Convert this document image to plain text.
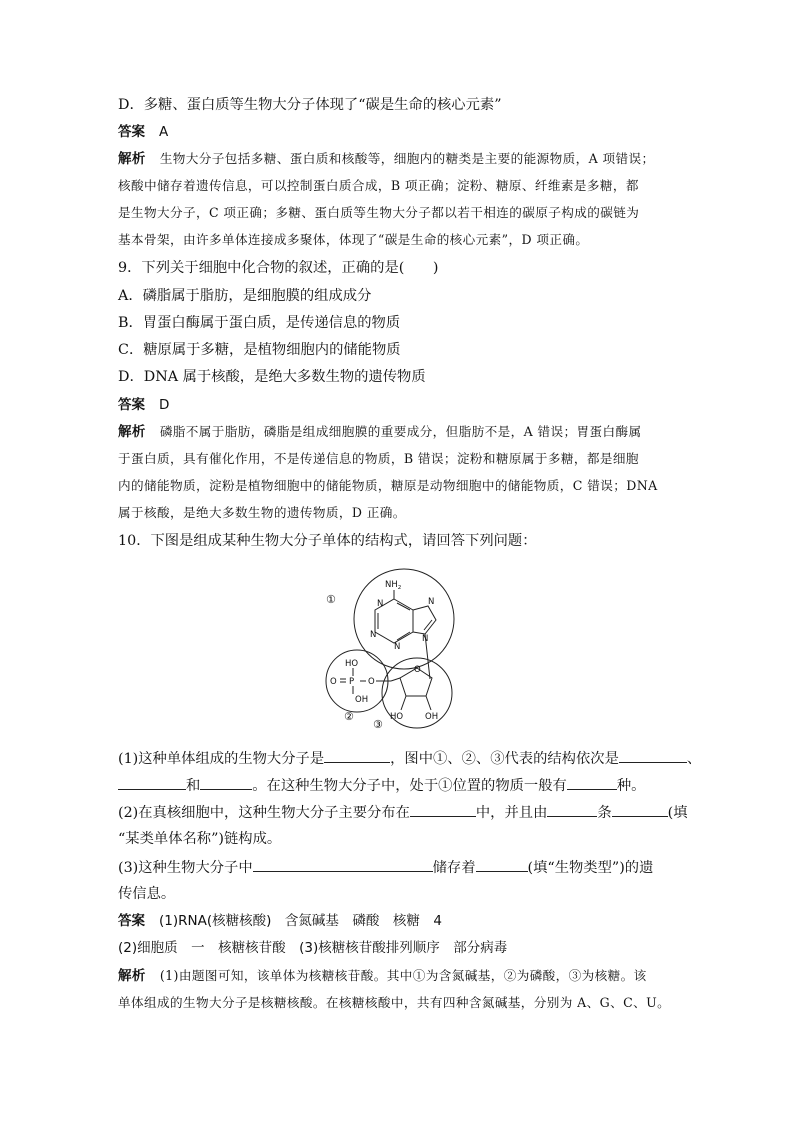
D．多糖、蛋白质等生物大分子体现了“碳是生命的核心元素”
答案 A
解析 生物大分子包括多糖、蛋白质和核酸等，细胞内的糖类是主要的能源物质，A 项错误；
核酸中储存着遗传信息，可以控制蛋白质合成，B 项正确；淀粉、糖原、纤维素是多糖，都
是生物大分子，C 项正确；多糖、蛋白质等生物大分子都以若干相连的碳原子构成的碳链为
基本骨架，由许多单体连接成多聚体，体现了“碳是生命的核心元素”，D 项正确。
9．下列关于细胞中化合物的叙述，正确的是(　　)
A．磷脂属于脂肪，是细胞膜的组成成分
B．胃蛋白酶属于蛋白质，是传递信息的物质
C．糖原属于多糖，是植物细胞内的储能物质
D．DNA 属于核酸，是绝大多数生物的遗传物质
答案 D
解析 磷脂不属于脂肪，磷脂是组成细胞膜的重要成分，但脂肪不是，A 错误；胃蛋白酶属
于蛋白质，具有催化作用，不是传递信息的物质，B 错误；淀粉和糖原属于多糖，都是细胞
内的储能物质，淀粉是植物细胞中的储能物质，糖原是动物细胞中的储能物质，C 错误；DNA
属于核酸，是绝大多数生物的遗传物质，D 正确。
10．下图是组成某种生物大分子单体的结构式，请回答下列问题：
$NH_2$
N
N
N
N
N
HO
O P O
OH
O
HO	OH
①
②
③
(1)这种单体组成的生物大分子是	，图中①、②、③代表的结构依次是	、
和	。在这种生物大分子中，处于①位置的物质一般有	种。
(2)在真核细胞中，这种生物大分子主要分布在	中，并且由	条	(填
“某类单体名称”)链构成。
(3)这种生物大分子中	储存着	(填“生物类型”)的遗
传信息。
答案 (1)RNA(核糖核酸)　含氮碱基　磷酸　核糖　4
(2)细胞质　一　核糖核苷酸　(3)核糖核苷酸排列顺序　部分病毒
解析 (1)由题图可知，该单体为核糖核苷酸。其中①为含氮碱基，②为磷酸，③为核糖。该
单体组成的生物大分子是核糖核酸。在核糖核酸中，共有四种含氮碱基，分别为 A、G、C、U。
